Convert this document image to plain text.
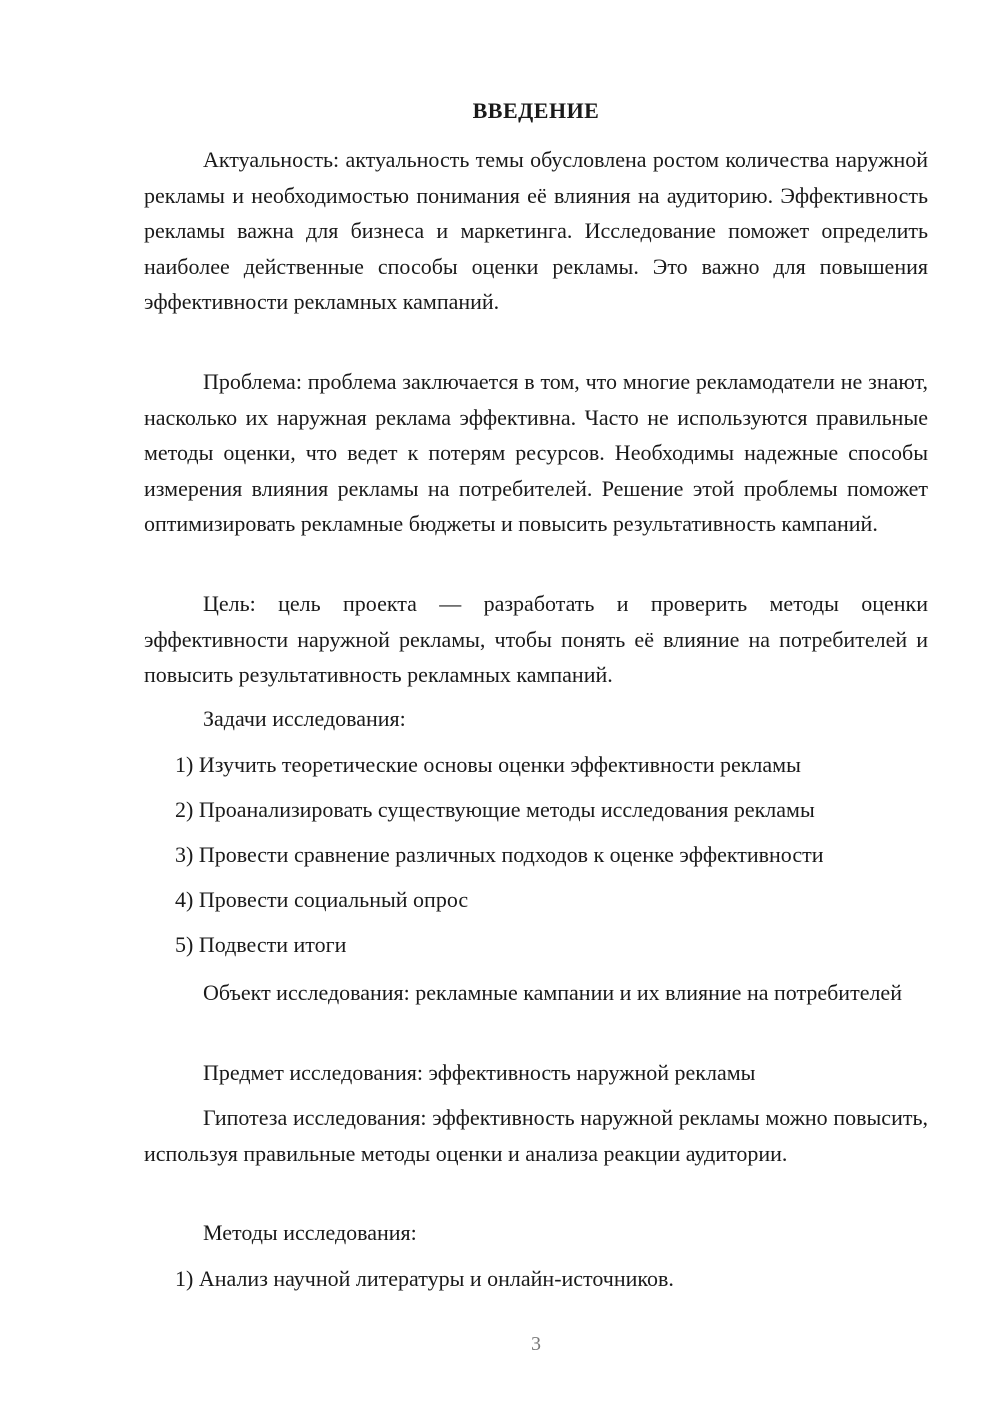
ВВЕДЕНИЕ

Актуальность: актуальность темы обусловлена ростом количества наружной рекламы и необходимостью понимания её влияния на аудиторию. Эффективность рекламы важна для бизнеса и маркетинга. Исследование поможет определить наиболее действенные способы оценки рекламы. Это важно для повышения эффективности рекламных кампаний.

Проблема: проблема заключается в том, что многие рекламодатели не знают, насколько их наружная реклама эффективна. Часто не используются правильные методы оценки, что ведет к потерям ресурсов. Необходимы надежные способы измерения влияния рекламы на потребителей. Решение этой проблемы поможет оптимизировать рекламные бюджеты и повысить результативность кампаний.

Цель: цель проекта — разработать и проверить методы оценки эффективности наружной рекламы, чтобы понять её влияние на потребителей и повысить результативность рекламных кампаний.

Задачи исследования:

1) Изучить теоретические основы оценки эффективности рекламы

2) Проанализировать существующие методы исследования рекламы

3) Провести сравнение различных подходов к оценке эффективности

4) Провести социальный опрос

5) Подвести итоги

Объект исследования: рекламные кампании и их влияние на потребителей

Предмет исследования: эффективность наружной рекламы

Гипотеза исследования: эффективность наружной рекламы можно повысить, используя правильные методы оценки и анализа реакции аудитории.

Методы исследования:

1) Анализ научной литературы и онлайн-источников.

3
